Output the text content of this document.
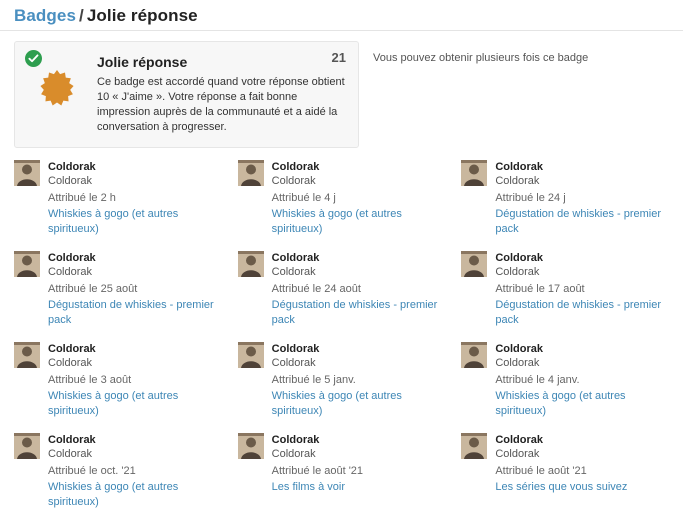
Badges / Jolie réponse
Jolie réponse

Ce badge est accordé quand votre réponse obtient 10 « J'aime ». Votre réponse a fait bonne impression auprès de la communauté et a aidé la conversation à progresser.

21 Vous pouvez obtenir plusieurs fois ce badge
Coldorak
Coldorak
Attribué le 2 h
Whiskies à gogo (et autres spiritueux)
Coldorak
Coldorak
Attribué le 4 j
Whiskies à gogo (et autres spiritueux)
Coldorak
Coldorak
Attribué le 24 j
Dégustation de whiskies - premier pack
Coldorak
Coldorak
Attribué le 25 août
Dégustation de whiskies - premier pack
Coldorak
Coldorak
Attribué le 24 août
Dégustation de whiskies - premier pack
Coldorak
Coldorak
Attribué le 17 août
Dégustation de whiskies - premier pack
Coldorak
Coldorak
Attribué le 3 août
Whiskies à gogo (et autres spiritueux)
Coldorak
Coldorak
Attribué le 5 janv.
Whiskies à gogo (et autres spiritueux)
Coldorak
Coldorak
Attribué le 4 janv.
Whiskies à gogo (et autres spiritueux)
Coldorak
Coldorak
Attribué le oct. '21
Whiskies à gogo (et autres spiritueux)
Coldorak
Coldorak
Attribué le août '21
Les films à voir
Coldorak
Coldorak
Attribué le août '21
Les séries que vous suivez
